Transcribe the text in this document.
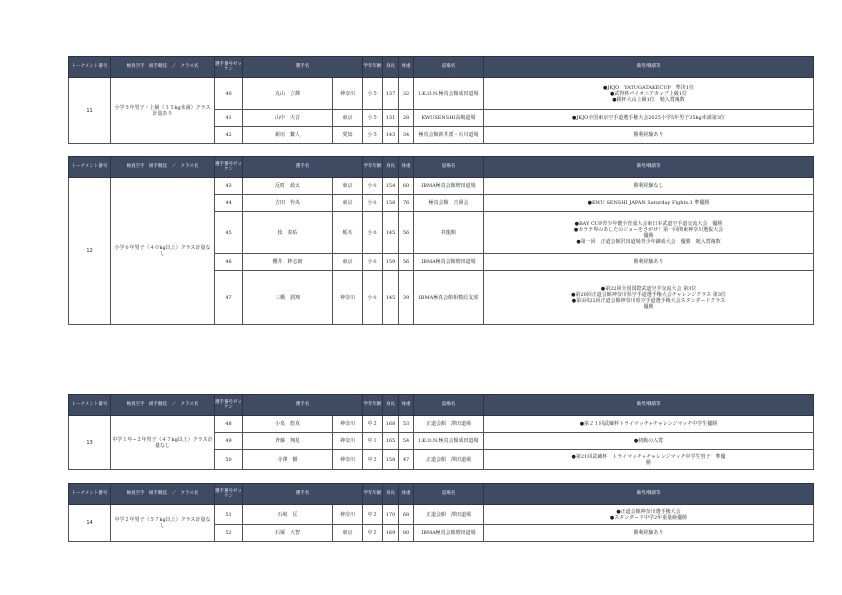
トーナメント番号	極真空手　組手競技　／　クラス名	選手番号ゼッケン	選手名		学年年齢	身長	体重	道場名	備考/戦績等
11	小学５年男子・上級（３５kg未満）クラス計量あり	40	丸山　立輝	神奈川	小５	137	32	I.K.O.N.極真会館成田道場	●JKJO　YATUGATAKECUP　準決1位
●武得杯パイオニアカップ上級1位
●銀杯大山上級1位　勉入賞複数

		41	山中　大音	東京	小５	131	28	KWUSENSHI高嶋道場	●JKJO全国東京空手道選手権大会2025小学5年男子35kg未満第3位

		42	新垣　繋人	愛知	小５	143	34	極真会館新井派・石川道場	勝利経験あり
トーナメント番号	極真空手　組手競技　／　クラス名	選手番号ゼッケン	選手名		学年年齢	身長	体重	道場名	備考/戦績等
12	小学６年男子（４０kg以上）クラス計量なし	43	反町　源太	東京	小６	154	60	IBMA極真会館増田道場	勝利経験なし

		44	吉田　怜央	東京	小６	158	76	極真会館　吉岡会	●KWU SENSHI JAPAN Saturday Fights.1 準優勝

		45	枝　泰佑	栃木	小６	145	56	祥龍館	●BAY CUP青少年健全育成大会東日本武道空手道交流大会　優勝
●カラテ界のあしたのジョーをさがせ！第一回関東神奈川選抜大会
優勝
●第一回　正道会館沢田道場青少年錬成大会　優勝　勉入賞複数

		46	櫻井　粋志朗	東京	小６	159	56	IBMA極真会館増田道場	勝利経験あり

		47	三橋　釗翔	神奈川	小６	145	39	IBMA極真会館相模原支部	●第22回全国国際武道空手交流大会 第3位
●第20回正道会館神奈川県空手道選手権大会チャレンジクラス 第3位
●第3回22回正道会館神奈川県空手道選手権大会スタンダードクラス
優勝
トーナメント番号	極真空手　組手競技　／　クラス名	選手番号ゼッケン	選手名		学年年齢	身長	体重	道場名	備考/戦績等
13	中学１年−２年男子（４７kg以上）クラス計量なし	48	小泉　悠真	神奈川	中２	168	53	正道会館　澤田道場	●第２１回武蔵杯トライマッチ+チャレンジマッチ中学生優勝

		49	斉藤　翔星	神奈川	中１	165	54	I.K.O.N.極真会館成田道場	●初級の入賞

		50	寺澤　樹	神奈川	中２	158	47	正道会館　澤田道場	●第21回武蔵杯　トライマッチ+チャレンジマッチ中学生男子　準優
勝
トーナメント番号	極真空手　組手競技　／　クラス名	選手番号ゼッケン	選手名		学年年齢	身長	体重	道場名	備考/戦績等
14	中学２年男子（５７kg以上）クラス計量なし	51	石崎　匡	神奈川	中２	170	68	正道会館　澤田道場	●正道会館神奈川選手権大会
●スタンダード中学2年重量級優勝

		52	石塚　大智	東京	中２	169	80	IBMA極真会館増田道場	勝利経験あり
